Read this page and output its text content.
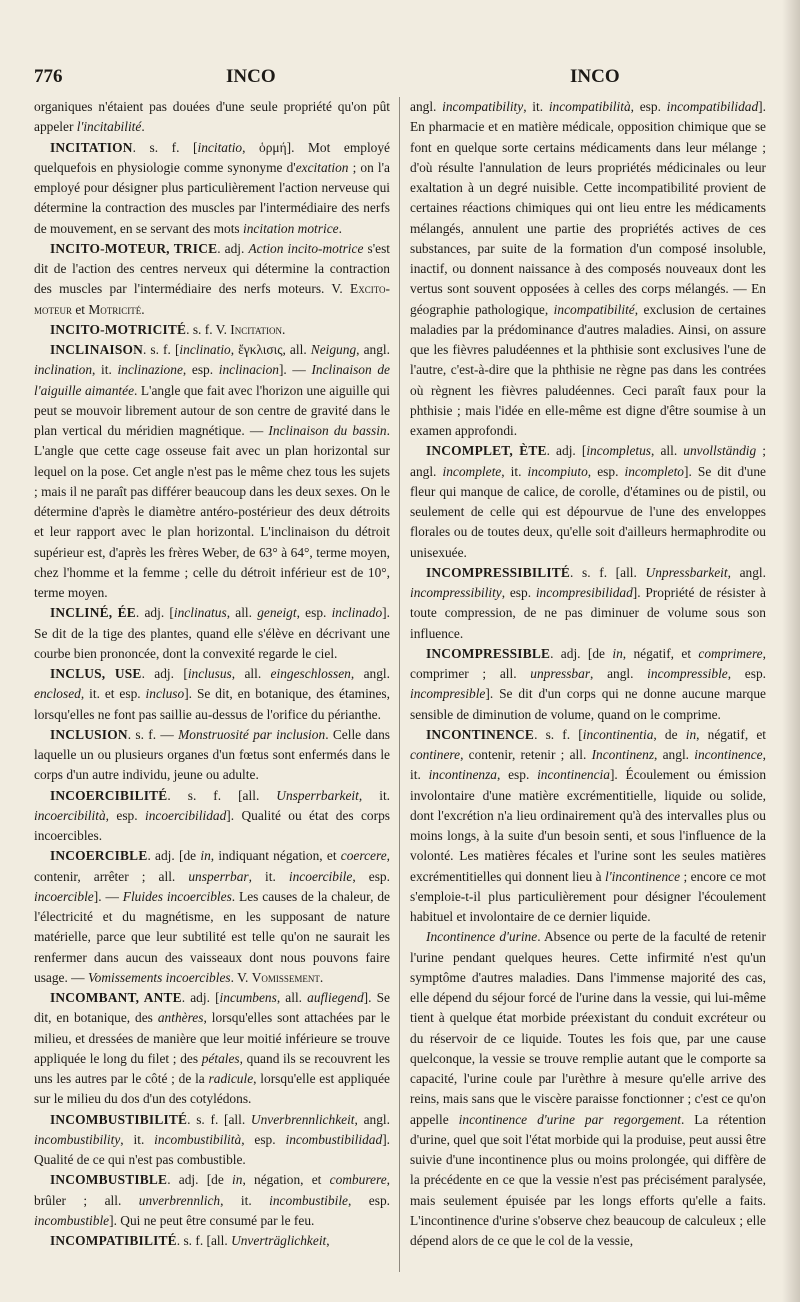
776	INCO	INCO

organiques n'étaient pas douées d'une seule propriété qu'on pût appeler l'incitabilité.

INCITATION. s. f. [incitatio, ὁρμή]. Mot employé quelquefois en physiologie comme synonyme d'excitation ; on l'a employé pour désigner plus particulièrement l'action nerveuse qui détermine la contraction des muscles par l'intermédiaire des nerfs de mouvement, en se servant des mots incitation motrice.

INCITO-MOTEUR, TRICE. adj. Action incito-motrice s'est dit de l'action des centres nerveux qui détermine la contraction des muscles par l'intermédiaire des nerfs moteurs. V. Excito-moteur et Motricité.

INCITO-MOTRICITÉ. s. f. V. Incitation.

INCLINAISON. s. f. [inclinatio, ἔγκλισις, all. Neigung, angl. inclination, it. inclinazione, esp. inclinacion]. — Inclinaison de l'aiguille aimantée. L'angle que fait avec l'horizon une aiguille qui peut se mouvoir librement autour de son centre de gravité dans le plan vertical du méridien magnétique. — Inclinaison du bassin. L'angle que cette cage osseuse fait avec un plan horizontal sur lequel on la pose. Cet angle n'est pas le même chez tous les sujets ; mais il ne paraît pas différer beaucoup dans les deux sexes. On le détermine d'après le diamètre antéro-postérieur des deux détroits et leur rapport avec le plan horizontal. L'inclinaison du détroit supérieur est, d'après les frères Weber, de 63° à 64°, terme moyen, chez l'homme et la femme ; celle du détroit inférieur est de 10°, terme moyen.

INCLINÉ, ÉE. adj. [inclinatus, all. geneigt, esp. inclinado]. Se dit de la tige des plantes, quand elle s'élève en décrivant une courbe bien prononcée, dont la convexité regarde le ciel.

INCLUS, USE. adj. [inclusus, all. eingeschlossen, angl. enclosed, it. et esp. incluso]. Se dit, en botanique, des étamines, lorsqu'elles ne font pas saillie au-dessus de l'orifice du périanthe.

INCLUSION. s. f. — Monstruosité par inclusion. Celle dans laquelle un ou plusieurs organes d'un fœtus sont enfermés dans le corps d'un autre individu, jeune ou adulte.

INCOERCIBILITÉ. s. f. [all. Unsperrbarkeit, it. incoercibilità, esp. incoercibilidad]. Qualité ou état des corps incoercibles.

INCOERCIBLE. adj. [de in, indiquant négation, et coercere, contenir, arrêter ; all. unsperrbar, it. incoercibile, esp. incoercible]. — Fluides incoercibles. Les causes de la chaleur, de l'électricité et du magnétisme, en les supposant de nature matérielle, parce que leur subtilité est telle qu'on ne saurait les renfermer dans aucun des vaisseaux dont nous pouvons faire usage. — Vomissements incoercibles. V. Vomissement.

INCOMBANT, ANTE. adj. [incumbens, all. aufliegend]. Se dit, en botanique, des anthères, lorsqu'elles sont attachées par le milieu, et dressées de manière que leur moitié inférieure se trouve appliquée le long du filet ; des pétales, quand ils se recouvrent les uns les autres par le côté ; de la radicule, lorsqu'elle est appliquée sur le milieu du dos d'un des cotylédons.

INCOMBUSTIBILITÉ. s. f. [all. Unverbrennlichkeit, angl. incombustibility, it. incombustibilità, esp. incombustibilidad]. Qualité de ce qui n'est pas combustible.

INCOMBUSTIBLE. adj. [de in, négation, et comburere, brûler ; all. unverbrennlich, it. incombustibile, esp. incombustible]. Qui ne peut être consumé par le feu.

INCOMPATIBILITÉ. s. f. [all. Unverträglichkeit,

angl. incompatibility, it. incompatibilità, esp. incompatibilidad]. En pharmacie et en matière médicale, opposition chimique que se font en quelque sorte certains médicaments dans leur mélange ; d'où résulte l'annulation de leurs propriétés médicinales ou leur exaltation à un degré nuisible. Cette incompatibilité provient de certaines réactions chimiques qui ont lieu entre les médicaments mélangés, annulent une partie des propriétés actives de ces substances, par suite de la formation d'un composé insoluble, inactif, ou donnent naissance à des composés nouveaux dont les vertus sont souvent opposées à celles des corps mélangés. — En géographie pathologique, incompatibilité, exclusion de certaines maladies par la prédominance d'autres maladies. Ainsi, on assure que les fièvres paludéennes et la phthisie sont exclusives l'une de l'autre, c'est-à-dire que la phthisie ne règne pas dans les contrées où règnent les fièvres paludéennes. Ceci paraît faux pour la phthisie ; mais l'idée en elle-même est digne d'être soumise à un examen approfondi.

INCOMPLET, ÈTE. adj. [incompletus, all. unvollständig ; angl. incomplete, it. incompiuto, esp. incompleto]. Se dit d'une fleur qui manque de calice, de corolle, d'étamines ou de pistil, ou seulement de celle qui est dépourvue de l'une des enveloppes florales ou de toutes deux, qu'elle soit d'ailleurs hermaphrodite ou unisexuée.

INCOMPRESSIBILITÉ. s. f. [all. Unpressbarkeit, angl. incompressibility, esp. incompresibilidad]. Propriété de résister à toute compression, de ne pas diminuer de volume sous son influence.

INCOMPRESSIBLE. adj. [de in, négatif, et comprimere, comprimer ; all. unpressbar, angl. incompressible, esp. incompresible]. Se dit d'un corps qui ne donne aucune marque sensible de diminution de volume, quand on le comprime.

INCONTINENCE. s. f. [incontinentia, de in, négatif, et continere, contenir, retenir ; all. Incontinenz, angl. incontinence, it. incontinenza, esp. incontinencia]. Écoulement ou émission involontaire d'une matière excrémentitielle, liquide ou solide, dont l'excrétion n'a lieu ordinairement qu'à des intervalles plus ou moins longs, à la suite d'un besoin senti, et sous l'influence de la volonté. Les matières fécales et l'urine sont les seules matières excrémentitielles qui donnent lieu à l'incontinence ; encore ce mot s'emploie-t-il plus particulièrement pour désigner l'écoulement habituel et involontaire de ce dernier liquide.

Incontinence d'urine. Absence ou perte de la faculté de retenir l'urine pendant quelques heures. Cette infirmité n'est qu'un symptôme d'autres maladies. Dans l'immense majorité des cas, elle dépend du séjour forcé de l'urine dans la vessie, qui lui-même tient à quelque état morbide préexistant du conduit excréteur ou du réservoir de ce liquide. Toutes les fois que, par une cause quelconque, la vessie se trouve remplie autant que le comporte sa capacité, l'urine coule par l'urèthre à mesure qu'elle arrive des reins, mais sans que le viscère paraisse fonctionner ; c'est ce qu'on appelle incontinence d'urine par regorgement. La rétention d'urine, quel que soit l'état morbide qui la produise, peut aussi être suivie d'une incontinence plus ou moins prolongée, qui diffère de la précédente en ce que la vessie n'est pas précisément paralysée, mais seulement épuisée par les longs efforts qu'elle a faits. L'incontinence d'urine s'observe chez beaucoup de calculeux ; elle dépend alors de ce que le col de la vessie,
